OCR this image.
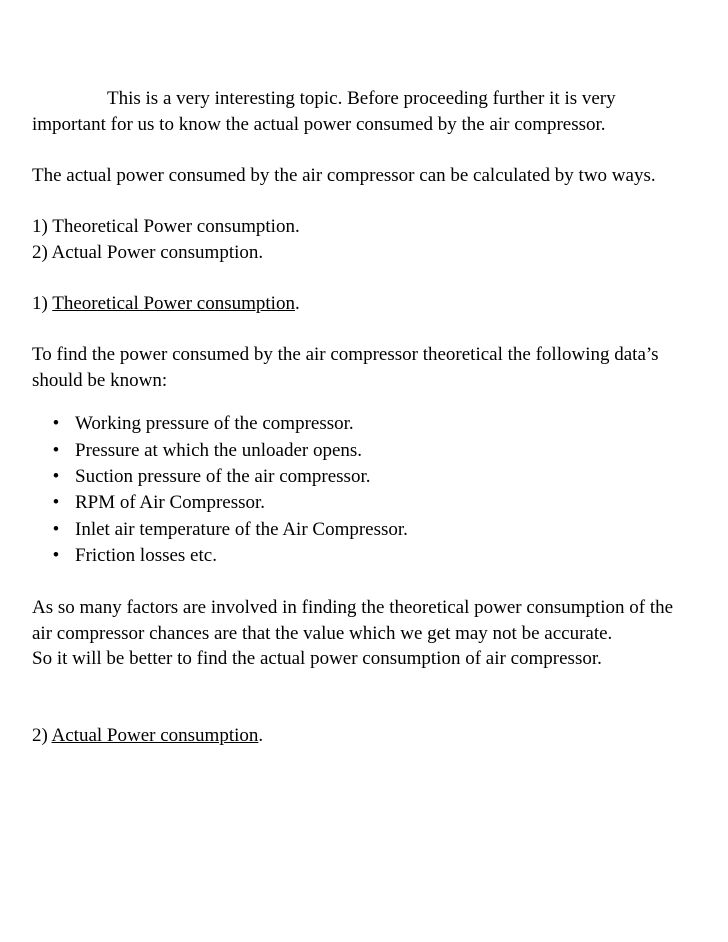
This is a very interesting topic. Before proceeding further it is very important for us to know the actual power consumed by the air compressor.

The actual power consumed by the air compressor can be calculated by two ways.

1) Theoretical Power consumption.

2) Actual Power consumption.

1) Theoretical Power consumption.

To find the power consumed by the air compressor theoretical the following data’s should be known:

• Working pressure of the compressor.
• Pressure at which the unloader opens.
• Suction pressure of the air compressor.
• RPM of Air Compressor.
• Inlet air temperature of the Air Compressor.
• Friction losses etc.

As so many factors are involved in finding the theoretical power consumption of the air compressor chances are that the value which we get may not be accurate.

So it will be better to find the actual power consumption of air compressor.

2) Actual Power consumption.
